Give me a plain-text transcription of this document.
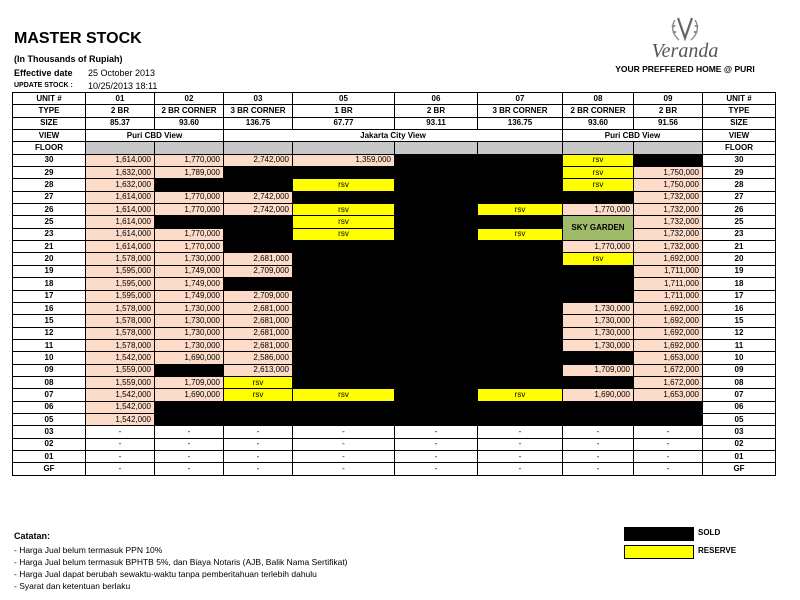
MASTER STOCK
(In Thousands of Rupiah)
Effective date 25 October 2013
UPDATE STOCK : 10/25/2013 18:11
Veranda
YOUR PREFFERED HOME @ PURI
UNIT #	01	02	03	05	06	07	08	09	UNIT #
TYPE	2 BR	2 BR CORNER	3 BR CORNER	1 BR	2 BR	3 BR CORNER	2 BR CORNER	2 BR	TYPE
SIZE	85.37	93.60	136.75	67.77	93.11	136.75	93.60	91.56	SIZE
VIEW	Puri CBD View		Jakarta City View				Puri CBD View		VIEW
FLOOR									FLOOR
30	1,614,000	1,770,000	2,742,000	1,359,000			rsv		30
29	1,632,000	1,789,000					rsv	1,750,000	29
28	1,632,000			rsv			rsv	1,750,000	28
27	1,614,000	1,770,000	2,742,000					1,732,000	27
26	1,614,000	1,770,000	2,742,000	rsv		rsv	1,770,000	1,732,000	26
25	1,614,000			rsv			SKY GARDEN	1,732,000	25
23	1,614,000	1,770,000		rsv		rsv		1,732,000	23
21	1,614,000	1,770,000					1,770,000	1,732,000	21
20	1,578,000	1,730,000	2,681,000				rsv	1,692,000	20
19	1,595,000	1,749,000	2,709,000					1,711,000	19
18	1,595,000	1,749,000						1,711,000	18
17	1,595,000	1,749,000	2,709,000					1,711,000	17
16	1,578,000	1,730,000	2,681,000				1,730,000	1,692,000	16
15	1,578,000	1,730,000	2,681,000				1,730,000	1,692,000	15
12	1,578,000	1,730,000	2,681,000				1,730,000	1,692,000	12
11	1,578,000	1,730,000	2,681,000				1,730,000	1,692,000	11
10	1,542,000	1,690,000	2,586,000					1,653,000	10
09	1,559,000		2,613,000				1,709,000	1,672,000	09
08	1,559,000	1,709,000	rsv					1,672,000	08
07	1,542,000	1,690,000	rsv	rsv		rsv	1,690,000	1,653,000	07
06	1,542,000								06
05	1,542,000								05
03	-	-	-	-	-	-	-	-	03
02	-	-	-	-	-	-	-	-	02
01	-	-	-	-	-	-	-	-	01
GF	-	-	-	-	-	-	-	-	GF
Catatan:
- Harga Jual belum termasuk PPN 10%
- Harga Jual belum termasuk BPHTB 5%, dan Biaya Notaris (AJB, Balik Nama Sertifikat)
- Harga Jual dapat berubah sewaktu-waktu tanpa pemberitahuan terlebih dahulu
- Syarat dan ketentuan berlaku
SOLD
RESERVE
